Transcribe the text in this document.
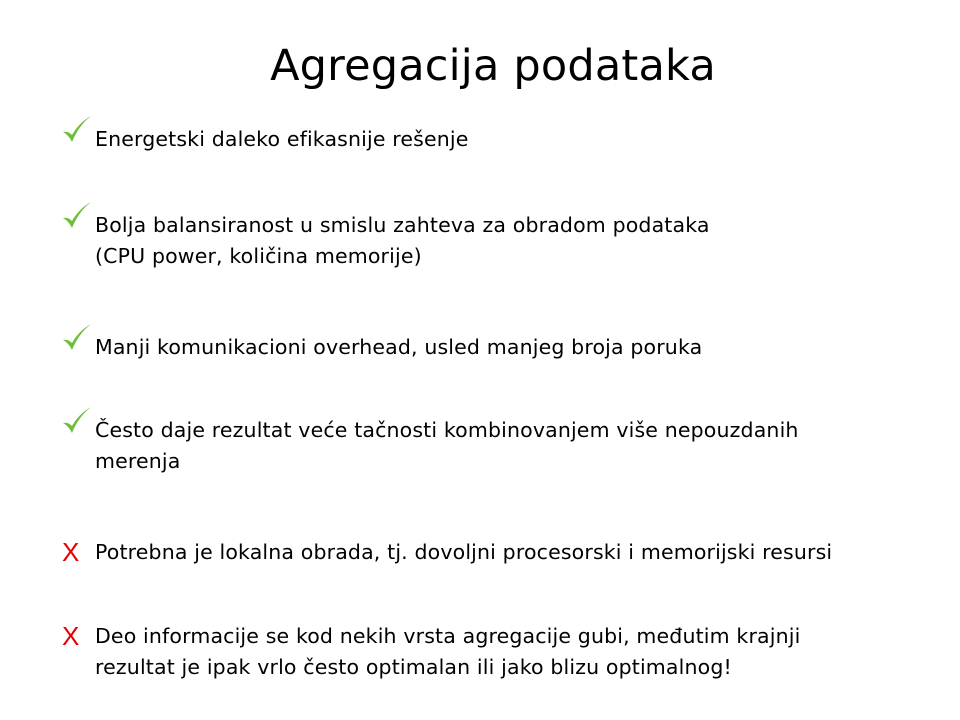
Agregacija podataka
Energetski daleko efikasnije rešenje
Bolja balansiranost u smislu zahteva za obradom podataka
(CPU power, količina memorije)
Manji komunikacioni overhead, usled manjeg broja poruka
Često daje rezultat veće tačnosti kombinovanjem više nepouzdanih
merenja
X Potrebna je lokalna obrada, tj. dovoljni procesorski i memorijski resursi
X Deo informacije se kod nekih vrsta agregacije gubi, međutim krajnji
rezultat je ipak vrlo često optimalan ili jako blizu optimalnog!
